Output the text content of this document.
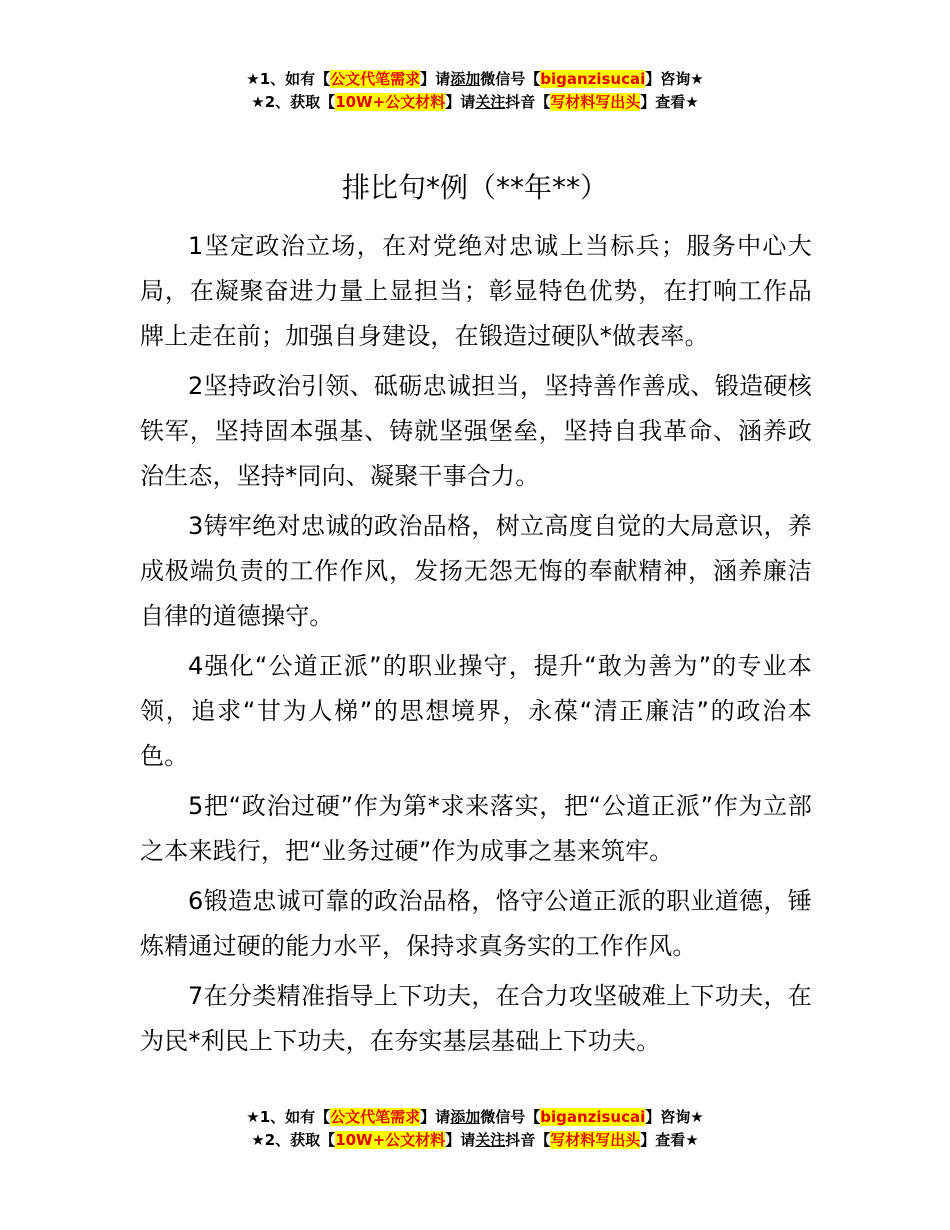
★1、如有【公文代笔需求】请添加微信号【biganzisucai】咨询★
★2、获取【10W+公文材料】请关注抖音【写材料写出头】查看★
排比句*例（**年**）

1坚定政治立场，在对党绝对忠诚上当标兵；服务中心大局，在凝聚奋进力量上显担当；彰显特色优势，在打响工作品牌上走在前；加强自身建设，在锻造过硬队*做表率。

2坚持政治引领、砥砺忠诚担当，坚持善作善成、锻造硬核铁军，坚持固本强基、铸就坚强堡垒，坚持自我革命、涵养政治生态，坚持*同向、凝聚干事合力。

3铸牢绝对忠诚的政治品格，树立高度自觉的大局意识，养成极端负责的工作作风，发扬无怨无悔的奉献精神，涵养廉洁自律的道德操守。

4强化“公道正派”的职业操守，提升“敢为善为”的专业本领，追求“甘为人梯”的思想境界，永葆“清正廉洁”的政治本色。

5把“政治过硬”作为第*求来落实，把“公道正派”作为立部之本来践行，把“业务过硬”作为成事之基来筑牢。

6锻造忠诚可靠的政治品格，恪守公道正派的职业道德，锤炼精通过硬的能力水平，保持求真务实的工作作风。

7在分类精准指导上下功夫，在合力攻坚破难上下功夫，在为民*利民上下功夫，在夯实基层基础上下功夫。

★1、如有【公文代笔需求】请添加微信号【biganzisucai】咨询★
★2、获取【10W+公文材料】请关注抖音【写材料写出头】查看★
